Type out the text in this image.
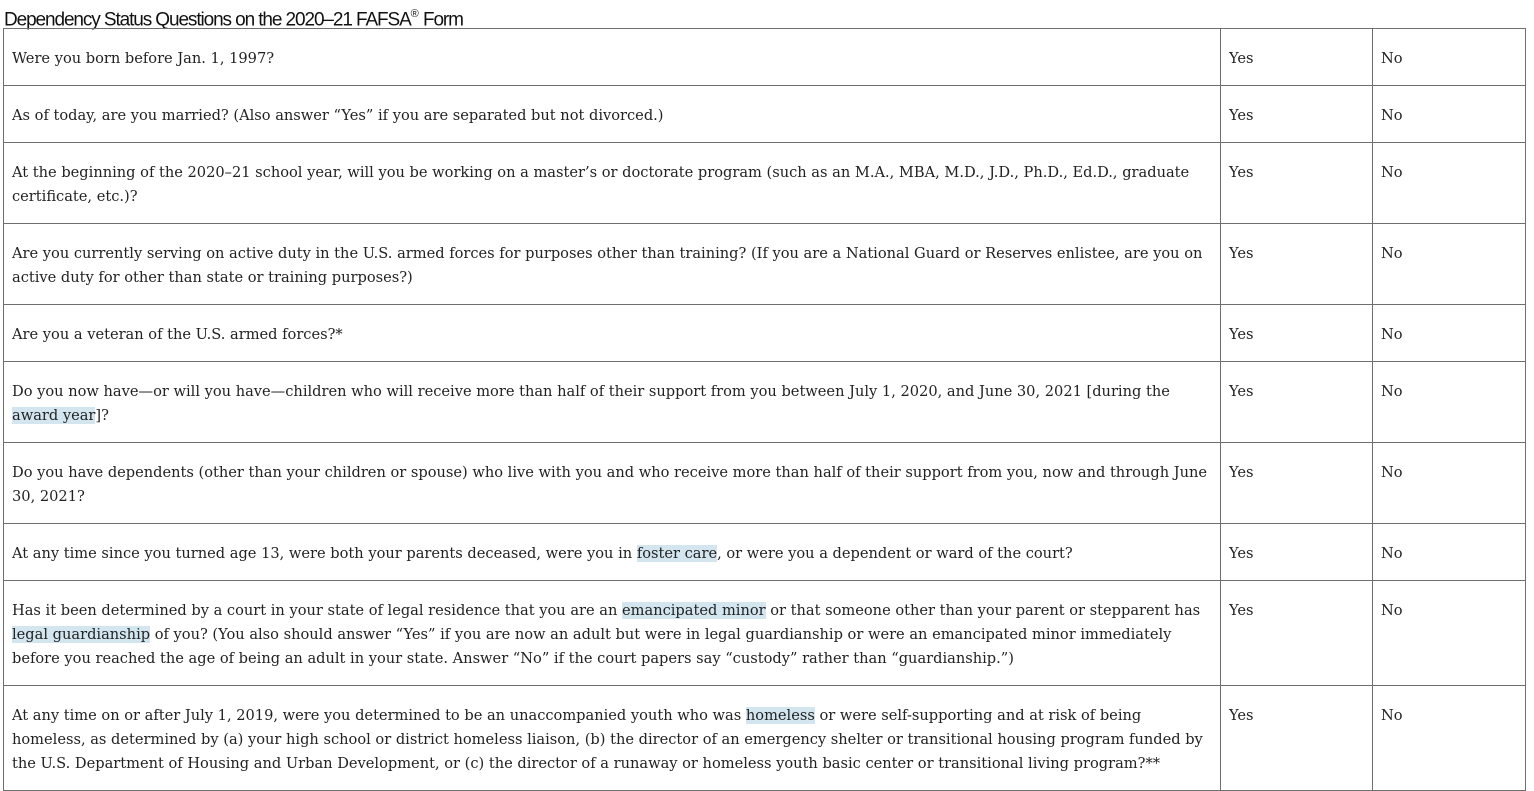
Dependency Status Questions on the 2020–21 FAFSA® Form
Were you born before Jan. 1, 1997?	Yes	No
As of today, are you married? (Also answer “Yes” if you are separated but not divorced.)	Yes	No
At the beginning of the 2020–21 school year, will you be working on a master’s or doctorate program (such as an M.A., MBA, M.D., J.D., Ph.D., Ed.D., graduate certificate, etc.)?	Yes	No
Are you currently serving on active duty in the U.S. armed forces for purposes other than training? (If you are a National Guard or Reserves enlistee, are you on active duty for other than state or training purposes?)	Yes	No
Are you a veteran of the U.S. armed forces?*	Yes	No
Do you now have—or will you have—children who will receive more than half of their support from you between July 1, 2020, and June 30, 2021 [during the award year]?	Yes	No
Do you have dependents (other than your children or spouse) who live with you and who receive more than half of their support from you, now and through June 30, 2021?	Yes	No
At any time since you turned age 13, were both your parents deceased, were you in foster care, or were you a dependent or ward of the court?	Yes	No
Has it been determined by a court in your state of legal residence that you are an emancipated minor or that someone other than your parent or stepparent has legal guardianship of you? (You also should answer “Yes” if you are now an adult but were in legal guardianship or were an emancipated minor immediately before you reached the age of being an adult in your state. Answer “No” if the court papers say “custody” rather than “guardianship.”)	Yes	No
At any time on or after July 1, 2019, were you determined to be an unaccompanied youth who was homeless or were self-supporting and at risk of being homeless, as determined by (a) your high school or district homeless liaison, (b) the director of an emergency shelter or transitional housing program funded by the U.S. Department of Housing and Urban Development, or (c) the director of a runaway or homeless youth basic center or transitional living program?**	Yes	No
